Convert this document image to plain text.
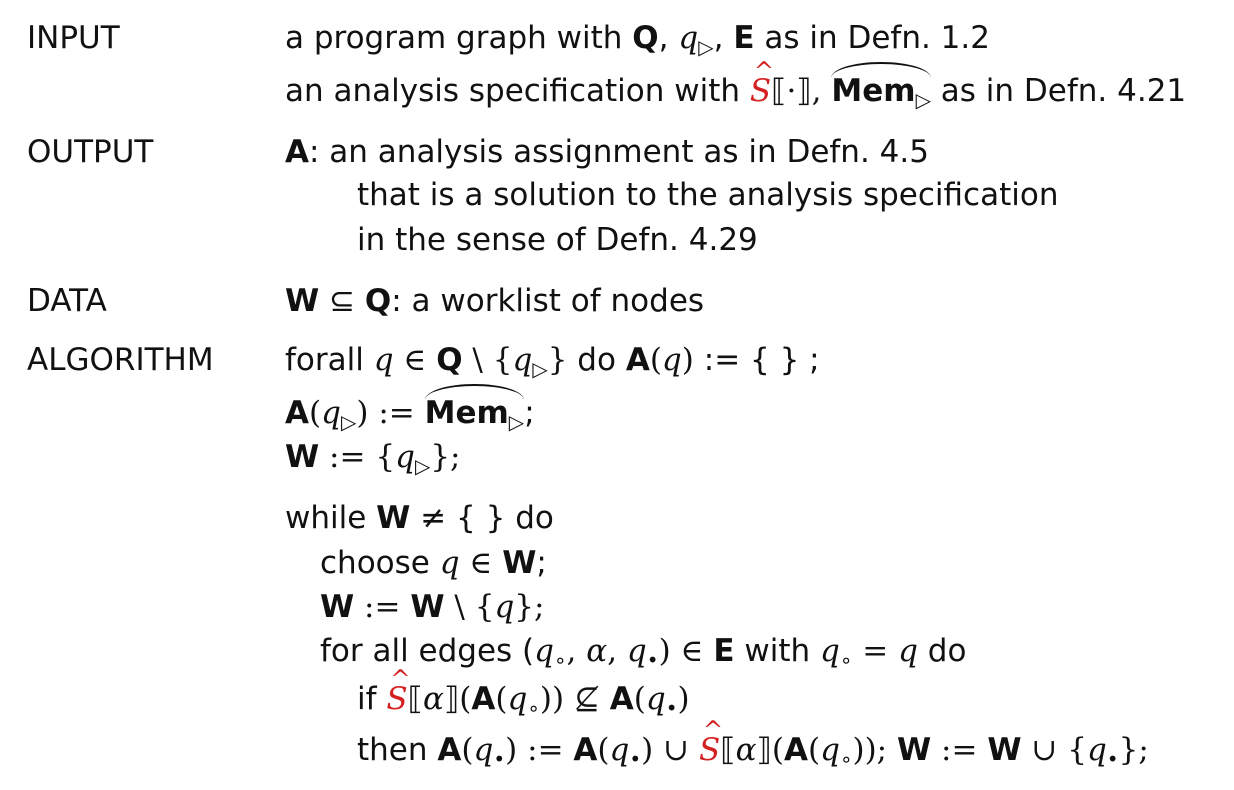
INPUT
OUTPUT
DATA
ALGORITHM
a program graph with Q, $q_▷$, E as in Defn. 1.2
an analysis specification with S ^⟦·⟧, Mem$_▷$ as in Defn. 4.21
A: an analysis assignment as in Defn. 4.5
that is a solution to the analysis specification
in the sense of Defn. 4.29
W ⊆ Q: a worklist of nodes
forall q ∈ Q \ $\{q_▷\}$ do A(q) := { } ;
$A(q_▷)$ := Mem$_▷$;
W := $\{q_▷\}$;
while W ≠ { } do
choose q ∈ W;
W := W \ {q};
for all edges ($q_\circ$, α, $q_•$) ∈ E with $q_\circ = q$ do
if S $\^{}⟦\alpha⟧(A(q_\circ))$ ⊈ $A(q_•)$
then $A(q_•)$ := $A(q_•)$ ∪ S $\^{}⟦\alpha⟧(A(q_\circ))$; W := W ∪ $\{q_•\}$;
